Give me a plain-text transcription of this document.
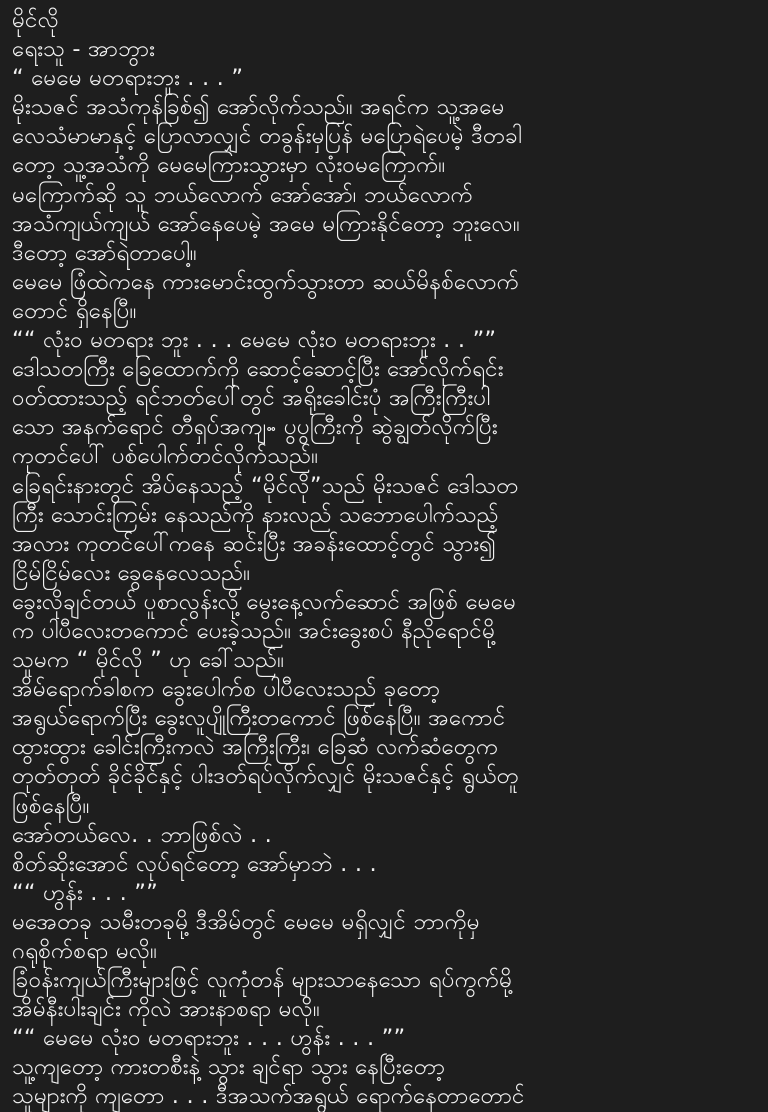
မိုင်လို
ရေးသူ - အာဘွား
“ မေမေ မတရားဘူး . . . ”
မိုးသဇင် အသံကုန်ခြစ်၍ အော်လိုက်သည်။ အရင်က သူ့အမေ
လေသံမာမာနှင့် ပြောလာလျှင် တခွန်းမှပြန် မပြောရဲပေမဲ့ ဒီတခါ
တော့ သူ့အသံကို မေမေကြားသွားမှာ လုံးဝမကြောက်။
မကြောက်ဆို သူ ဘယ်လောက် အော်အော်၊ ဘယ်လောက်
အသံကျယ်ကျယ် အော်နေပေမဲ့ အမေ မကြားနိုင်တော့ ဘူးလေ။
ဒီတော့ အော်ရဲတာပေါ့။
မေမေ ဖြံထဲကနေ ကားမောင်းထွက်သွားတာ ဆယ်မိနစ်လောက်
တောင် ရှိနေပြီ။
““ လုံးဝ မတရား ဘူး . . . မေမေ လုံးဝ မတရားဘူး . . ””
ဒေါသတကြီး ခြေထောက်ကို ဆောင့်ဆောင့်ပြီး အော်လိုက်ရင်း
ဝတ်ထားသည့် ရင်ဘတ်ပေါ်တွင် အရိုးခေါင်းပုံ အကြီးကြီးပါ
သော အနက်ရောင် တီရှပ်အကျႌ ပွပွကြီးကို ဆွဲချွတ်လိုက်ပြီး
ကုတင်ပေါ် ပစ်ပေါက်တင်လိုက်သည်။
ခြေရင်းနားတွင် အိပ်နေသည့် “မိုင်လို”သည် မိုးသဇင် ဒေါသတ
ကြီး သောင်းကြမ်း နေသည်ကို နားလည် သဘောပေါက်သည့်
အလား ကုတင်ပေါ်ကနေ ဆင်းပြီး အခန်းထောင့်တွင် သွား၍
ငြိမ်ငြိမ်လေး ခွေနေလေသည်။
ခွေးလိုချင်တယ် ပူစာလွန်းလို့ မွေးနေ့လက်ဆောင် အဖြစ် မေမေ
က ပါပီလေးတကောင် ပေးခဲ့သည်။ အင်းခွေးစပ် နီညိုရောင်မို့
သူမက “ မိုင်လို ” ဟု ခေါ်သည်။
အိမ်ရောက်ခါစက ခွေးပေါက်စ ပါပီလေးသည် ခုတော့
အရွယ်ရောက်ပြီး ခွေးလူပျိုကြီးတကောင် ဖြစ်နေပြီ။ အကောင်
ထွားထွား ခေါင်းကြီးကလဲ အကြီးကြီး၊ ခြေဆံ လက်ဆံတွေက
တုတ်တုတ် ခိုင်ခိုင်နှင့် ပါးဒတ်ရပ်လိုက်လျှင် မိုးသဇင်နှင့် ရွယ်တူ
ဖြစ်နေပြီ။
အော်တယ်လေ. . ဘာဖြစ်လဲ . .
စိတ်ဆိုးအောင် လုပ်ရင်တော့ အော်မှာဘဲ . . .
““ ဟွန်း . . . ””
မအေတခု သမီးတခုမို့ ဒီအိမ်တွင် မေမေ မရှိလျှင် ဘာကိုမှ
ဂရုစိုက်စရာ မလို။
ခြံဝန်းကျယ်ကြီးများဖြင့် လူကုံတန် များသာနေသော ရပ်ကွက်မို့
အိမ်နီးပါးချင်း ကိုလဲ အားနာစရာ မလို။
““ မေမေ လုံးဝ မတရားဘူး . . . ဟွန်း . . . ””
သူ့ကျတော့ ကားတစီးနဲ့ သွား ချင်ရာ သွား နေပြီးတော့
သူများကို ကျတော . . . ဒီအသက်အရွယ် ရောက်နေတာတောင်
